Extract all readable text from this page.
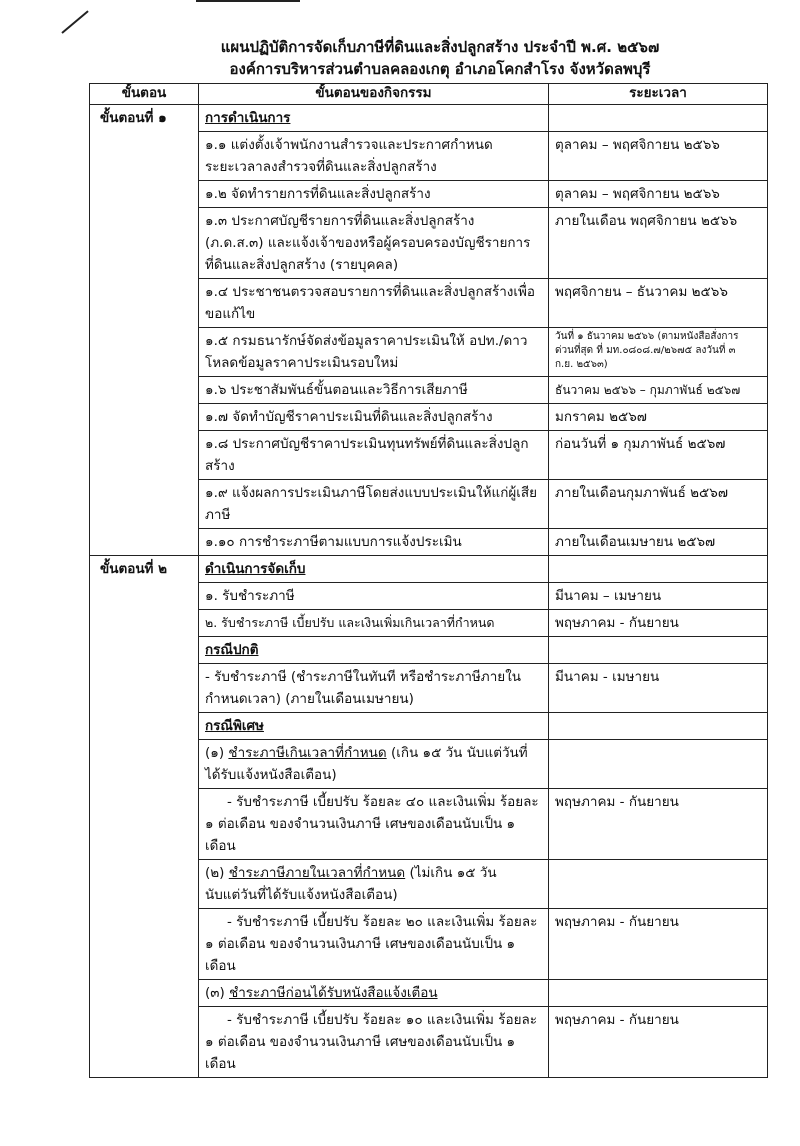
แผนปฏิบัติการจัดเก็บภาษีที่ดินและสิ่งปลูกสร้าง ประจำปี พ.ศ. ๒๕๖๗
องค์การบริหารส่วนตำบลคลองเกตุ อำเภอโคกสำโรง จังหวัดลพบุรี
ขั้นตอน	ขั้นตอนของกิจกรรม	ระยะเวลา
ขั้นตอนที่ ๑	การดำเนินการ	
	๑.๑ แต่งตั้งเจ้าพนักงานสำรวจและประกาศกำหนด
ระยะเวลาลงสำรวจที่ดินและสิ่งปลูกสร้าง	ตุลาคม – พฤศจิกายน ๒๕๖๖
	๑.๒ จัดทำรายการที่ดินและสิ่งปลูกสร้าง	ตุลาคม – พฤศจิกายน ๒๕๖๖
	๑.๓ ประกาศบัญชีรายการที่ดินและสิ่งปลูกสร้าง
(ภ.ด.ส.๓) และแจ้งเจ้าของหรือผู้ครอบครองบัญชีรายการ
ที่ดินและสิ่งปลูกสร้าง (รายบุคคล)	ภายในเดือน พฤศจิกายน ๒๕๖๖
	๑.๔ ประชาชนตรวจสอบรายการที่ดินและสิ่งปลูกสร้างเพื่อ
ขอแก้ไข	พฤศจิกายน – ธันวาคม ๒๕๖๖
	๑.๕ กรมธนารักษ์จัดส่งข้อมูลราคาประเมินให้ อปท./ดาว
โหลดข้อมูลราคาประเมินรอบใหม่	วันที่ ๑ ธันวาคม ๒๕๖๖ (ตามหนังสือสั่งการ
ด่วนที่สุด ที่ มท.๐๘๐๘.๗/๒๖๗๕ ลงวันที่ ๓
ก.ย. ๒๕๖๓)
	๑.๖ ประชาสัมพันธ์ขั้นตอนและวิธีการเสียภาษี	ธันวาคม ๒๕๖๖ – กุมภาพันธ์ ๒๕๖๗
	๑.๗ จัดทำบัญชีราคาประเมินที่ดินและสิ่งปลูกสร้าง	มกราคม ๒๕๖๗
	๑.๘ ประกาศบัญชีราคาประเมินทุนทรัพย์ที่ดินและสิ่งปลูก
สร้าง	ก่อนวันที่ ๑ กุมภาพันธ์ ๒๕๖๗
	๑.๙ แจ้งผลการประเมินภาษีโดยส่งแบบประเมินให้แก่ผู้เสีย
ภาษี	ภายในเดือนกุมภาพันธ์ ๒๕๖๗
	๑.๑๐ การชำระภาษีตามแบบการแจ้งประเมิน	ภายในเดือนเมษายน ๒๕๖๗
ขั้นตอนที่ ๒	ดำเนินการจัดเก็บ	
	๑. รับชำระภาษี	มีนาคม – เมษายน
	๒. รับชำระภาษี เบี้ยปรับ และเงินเพิ่มเกินเวลาที่กำหนด	พฤษภาคม - กันยายน
	กรณีปกติ	
	- รับชำระภาษี (ชำระภาษีในทันที หรือชำระภาษีภายใน
กำหนดเวลา) (ภายในเดือนเมษายน)	มีนาคม - เมษายน
	กรณีพิเศษ	
	(๑) ชำระภาษีเกินเวลาที่กำหนด (เกิน ๑๕ วัน นับแต่วันที่
ได้รับแจ้งหนังสือเตือน)	
	- รับชำระภาษี เบี้ยปรับ ร้อยละ ๔๐ และเงินเพิ่ม ร้อยละ
๑ ต่อเดือน ของจำนวนเงินภาษี เศษของเดือนนับเป็น ๑
เดือน	พฤษภาคม - กันยายน
	(๒) ชำระภาษีภายในเวลาที่กำหนด (ไม่เกิน ๑๕ วัน
นับแต่วันที่ได้รับแจ้งหนังสือเตือน)	
	- รับชำระภาษี เบี้ยปรับ ร้อยละ ๒๐ และเงินเพิ่ม ร้อยละ
๑ ต่อเดือน ของจำนวนเงินภาษี เศษของเดือนนับเป็น ๑
เดือน	พฤษภาคม - กันยายน
	(๓) ชำระภาษีก่อนได้รับหนังสือแจ้งเตือน	
	- รับชำระภาษี เบี้ยปรับ ร้อยละ ๑๐ และเงินเพิ่ม ร้อยละ
๑ ต่อเดือน ของจำนวนเงินภาษี เศษของเดือนนับเป็น ๑
เดือน	พฤษภาคม - กันยายน
